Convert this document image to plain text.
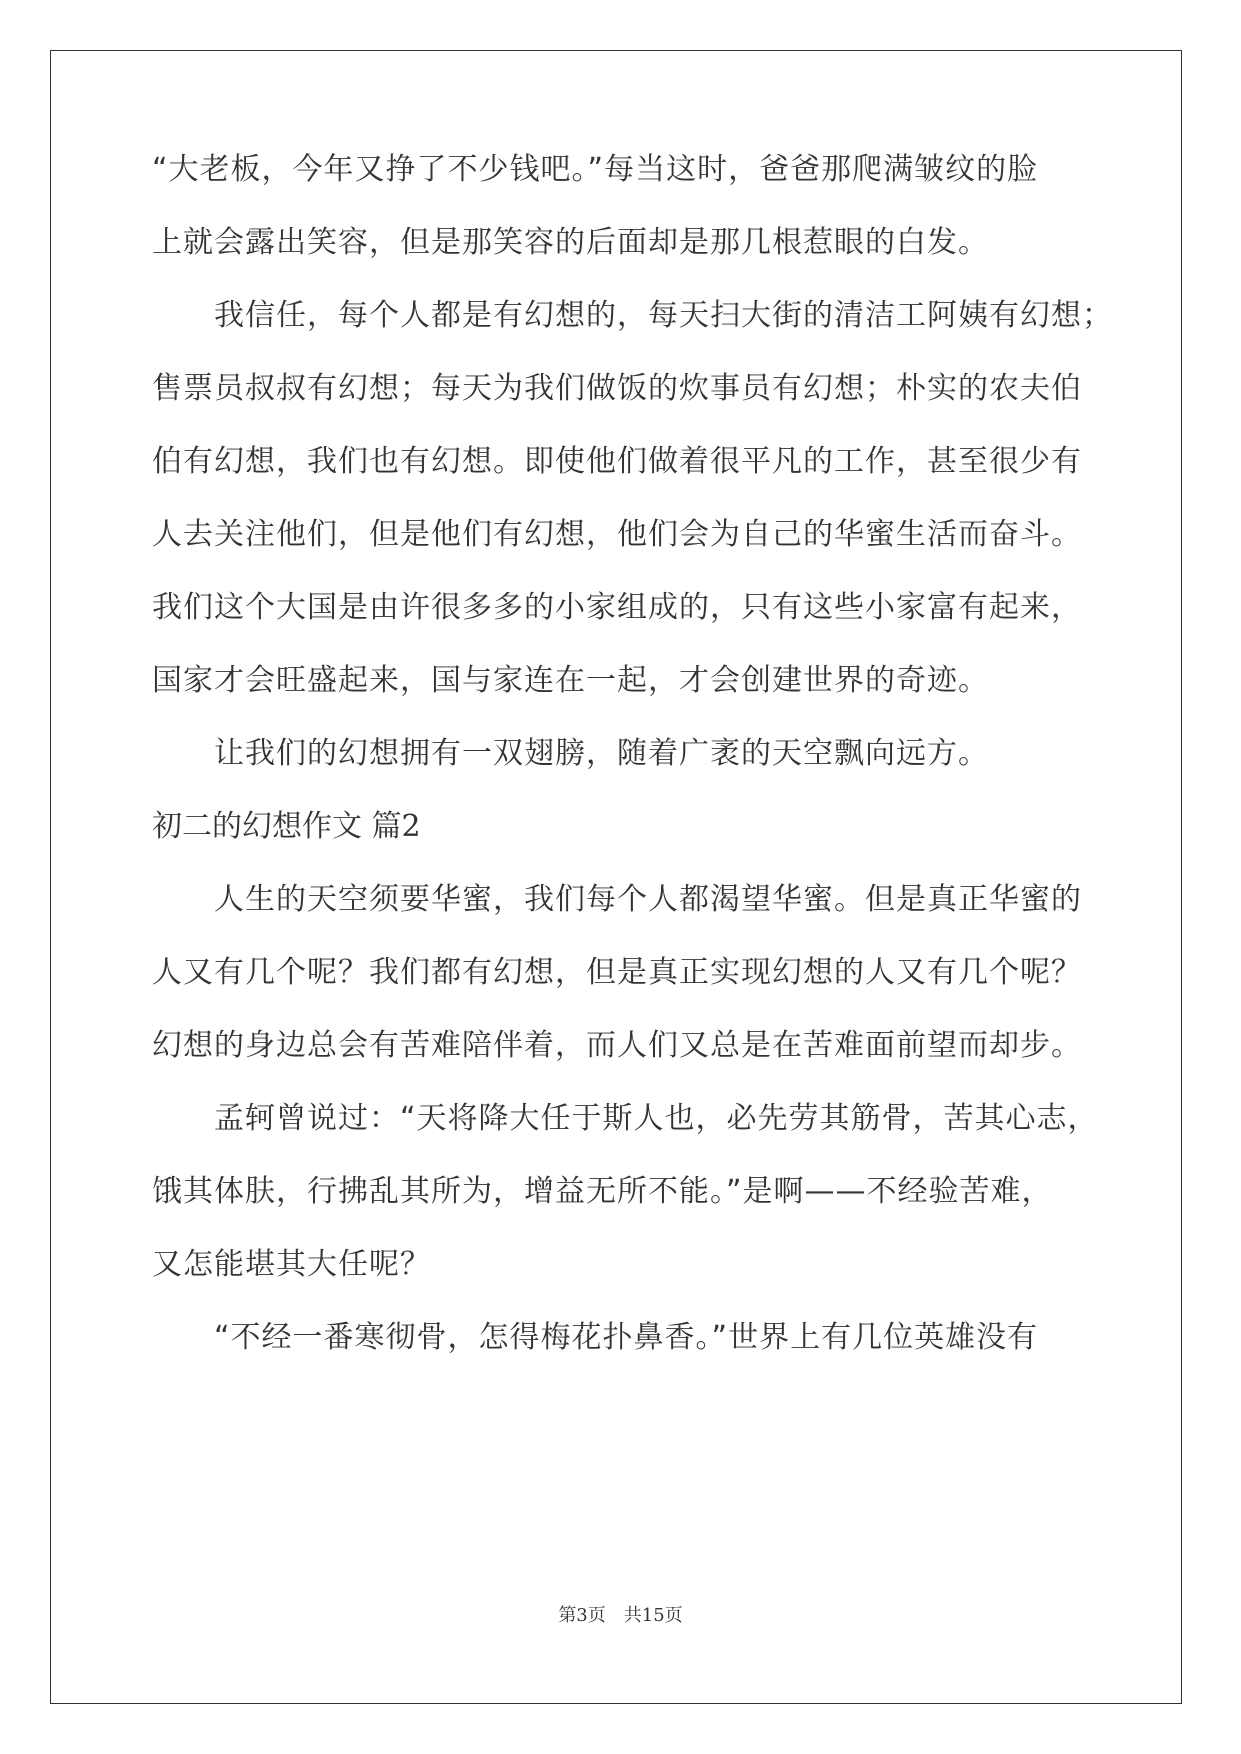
“大老板，今年又挣了不少钱吧。”每当这时，爸爸那爬满皱纹的脸
上就会露出笑容，但是那笑容的后面却是那几根惹眼的白发。
我信任，每个人都是有幻想的，每天扫大街的清洁工阿姨有幻想；
售票员叔叔有幻想；每天为我们做饭的炊事员有幻想；朴实的农夫伯
伯有幻想，我们也有幻想。即使他们做着很平凡的工作，甚至很少有
人去关注他们，但是他们有幻想，他们会为自己的华蜜生活而奋斗。
我们这个大国是由许很多多的小家组成的，只有这些小家富有起来，
国家才会旺盛起来，国与家连在一起，才会创建世界的奇迹。
让我们的幻想拥有一双翅膀，随着广袤的天空飘向远方。
初二的幻想作文 篇2
人生的天空须要华蜜，我们每个人都渴望华蜜。但是真正华蜜的
人又有几个呢？我们都有幻想，但是真正实现幻想的人又有几个呢？
幻想的身边总会有苦难陪伴着，而人们又总是在苦难面前望而却步。
孟轲曾说过：“天将降大任于斯人也，必先劳其筋骨，苦其心志，
饿其体肤，行拂乱其所为，增益无所不能。”是啊——不经验苦难，
又怎能堪其大任呢？
“不经一番寒彻骨，怎得梅花扑鼻香。”世界上有几位英雄没有
第3页　共15页
